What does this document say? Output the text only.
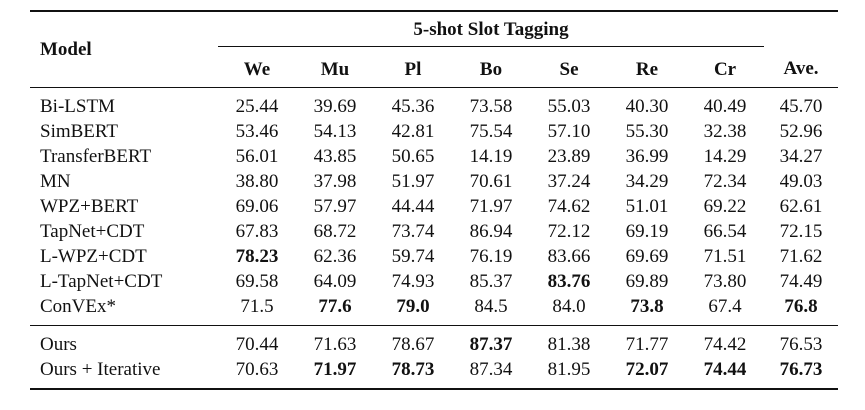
Model	5-shot Slot Tagging							
	We	Mu	Pl	Bo	Se	Re	Cr	Ave.

Bi-LSTM	25.44	39.69	45.36	73.58	55.03	40.30	40.49	45.70
SimBERT	53.46	54.13	42.81	75.54	57.10	55.30	32.38	52.96
TransferBERT	56.01	43.85	50.65	14.19	23.89	36.99	14.29	34.27
MN	38.80	37.98	51.97	70.61	37.24	34.29	72.34	49.03
WPZ+BERT	69.06	57.97	44.44	71.97	74.62	51.01	69.22	62.61
TapNet+CDT	67.83	68.72	73.74	86.94	72.12	69.19	66.54	72.15
L-WPZ+CDT	78.23	62.36	59.74	76.19	83.66	69.69	71.51	71.62
L-TapNet+CDT	69.58	64.09	74.93	85.37	83.76	69.89	73.80	74.49
ConVEx*	71.5	77.6	79.0	84.5	84.0	73.8	67.4	76.8

Ours	70.44	71.63	78.67	87.37	81.38	71.77	74.42	76.53
Ours + Iterative	70.63	71.97	78.73	87.34	81.95	72.07	74.44	76.73
